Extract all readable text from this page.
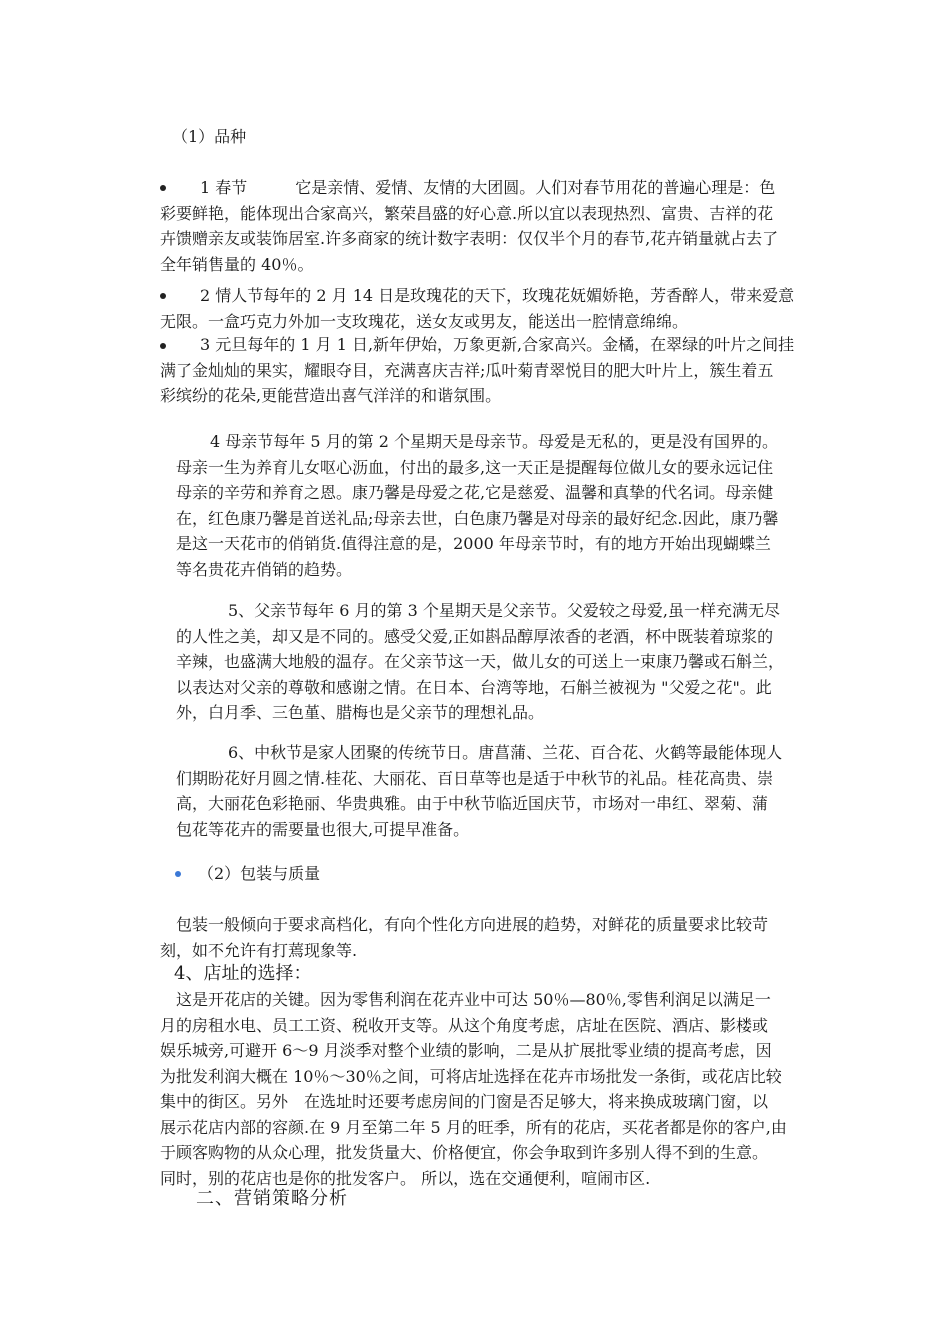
（1）品种
1 春节　　　它是亲情、爱情、友情的大团圆。人们对春节用花的普遍心理是：色
彩要鲜艳，能体现出合家高兴，繁荣昌盛的好心意.所以宜以表现热烈、富贵、吉祥的花
卉馈赠亲友或装饰居室.许多商家的统计数字表明：仅仅半个月的春节,花卉销量就占去了
全年销售量的 40％。
2 情人节每年的 2 月 14 日是玫瑰花的天下，玫瑰花妩媚娇艳，芳香醉人，带来爱意
无限。一盒巧克力外加一支玫瑰花，送女友或男友，能送出一腔情意绵绵。
3 元旦每年的 1 月 1 日,新年伊始，万象更新,合家高兴。金橘，在翠绿的叶片之间挂
满了金灿灿的果实，耀眼夺目，充满喜庆吉祥;瓜叶菊青翠悦目的肥大叶片上，簇生着五
彩缤纷的花朵,更能营造出喜气洋洋的和谐氛围。
4 母亲节每年 5 月的第 2 个星期天是母亲节。母爱是无私的，更是没有国界的。
母亲一生为养育儿女呕心沥血，付出的最多,这一天正是提醒每位做儿女的要永远记住
母亲的辛劳和养育之恩。康乃馨是母爱之花,它是慈爱、温馨和真挚的代名词。母亲健
在，红色康乃馨是首送礼品;母亲去世，白色康乃馨是对母亲的最好纪念.因此，康乃馨
是这一天花市的俏销货.值得注意的是，2000 年母亲节时，有的地方开始出现蝴蝶兰
等名贵花卉俏销的趋势。
5、父亲节每年 6 月的第 3 个星期天是父亲节。父爱较之母爱,虽一样充满无尽
的人性之美，却又是不同的。感受父爱,正如斟品醇厚浓香的老酒，杯中既装着琼浆的
辛辣，也盛满大地般的温存。在父亲节这一天，做儿女的可送上一束康乃馨或石斛兰，
以表达对父亲的尊敬和感谢之情。在日本、台湾等地，石斛兰被视为 "父爱之花"。此
外，白月季、三色堇、腊梅也是父亲节的理想礼品。
6、中秋节是家人团聚的传统节日。唐菖蒲、兰花、百合花、火鹤等最能体现人
们期盼花好月圆之情.桂花、大丽花、百日草等也是适于中秋节的礼品。桂花高贵、崇
高，大丽花色彩艳丽、华贵典雅。由于中秋节临近国庆节，市场对一串红、翠菊、蒲
包花等花卉的需要量也很大,可提早准备。
（2）包装与质量
包装一般倾向于要求高档化，有向个性化方向进展的趋势，对鲜花的质量要求比较苛
刻，如不允许有打蔫现象等.
4、店址的选择：
这是开花店的关键。因为零售利润在花卉业中可达 50％—80％,零售利润足以满足一
月的房租水电、员工工资、税收开支等。从这个角度考虑，店址在医院、酒店、影楼或
娱乐城旁,可避开 6～9 月淡季对整个业绩的影响，二是从扩展批零业绩的提高考虑，因
为批发利润大概在 10％～30％之间，可将店址选择在花卉市场批发一条街，或花店比较
集中的街区。另外　在选址时还要考虑房间的门窗是否足够大，将来换成玻璃门窗，以
展示花店内部的容颜.在 9 月至第二年 5 月的旺季，所有的花店，买花者都是你的客户,由
于顾客购物的从众心理，批发货量大、价格便宜，你会争取到许多别人得不到的生意。
同时，别的花店也是你的批发客户。 所以，选在交通便利，喧闹市区.
二、营销策略分析
